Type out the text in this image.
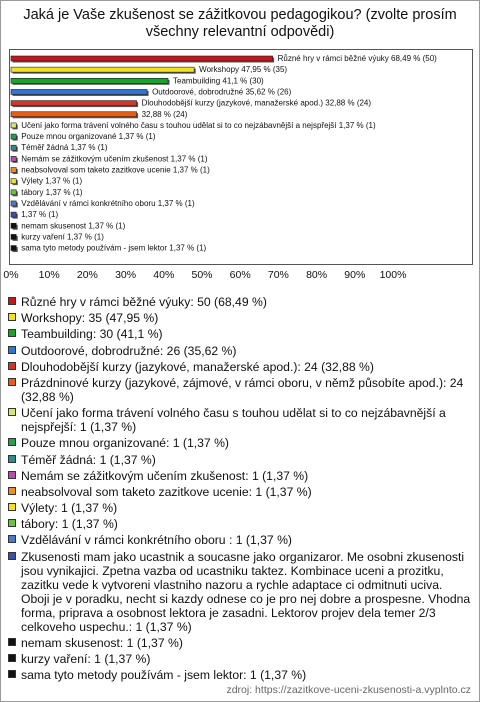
Jaká je Vaše zkušenost se zážitkovou pedagogikou? (zvolte prosím všechny relevantní odpovědi)
Různé hry v rámci běžné výuky 68,49 % (50)
Workshopy 47,95 % (35)
Teambuilding 41,1 % (30)
Outdoorové, dobrodružné 35,62 % (26)
Dlouhodobější kurzy (jazykové, manažerské apod.) 32,88 % (24)
32,88 % (24)
Učení jako forma trávení volného času s touhou udělat si to co nejzábavnější a nejspřejší 1,37 % (1)
Pouze mnou organizované 1,37 % (1)
Téměř žádná 1,37 % (1)
Nemám se zážitkovým učením zkušenost 1,37 % (1)
neabsolvoval som taketo zazitkove ucenie 1,37 % (1)
Výlety 1,37 % (1)
tábory 1,37 % (1)
Vzdělávání v rámci konkrétního oboru 1,37 % (1)
1,37 % (1)
nemam skusenost 1,37 % (1)
kurzy vaření 1,37 % (1)
sama tyto metody používám - jsem lektor 1,37 % (1)
0% 10% 20% 30% 40% 50% 60% 70% 80% 90% 100%
Různé hry v rámci běžné výuky: 50 (68,49 %)
Workshopy: 35 (47,95 %)
Teambuilding: 30 (41,1 %)
Outdoorové, dobrodružné: 26 (35,62 %)
Dlouhodobější kurzy (jazykové, manažerské apod.): 24 (32,88 %)
Prázdninové kurzy (jazykové, zájmové, v rámci oboru, v němž působíte apod.): 24 (32,88 %)
Učení jako forma trávení volného času s touhou udělat si to co nejzábavnější a nejspřejší: 1 (1,37 %)
Pouze mnou organizované: 1 (1,37 %)
Téměř žádná: 1 (1,37 %)
Nemám se zážitkovým učením zkušenost: 1 (1,37 %)
neabsolvoval som taketo zazitkove ucenie: 1 (1,37 %)
Výlety: 1 (1,37 %)
tábory: 1 (1,37 %)
Vzdělávání v rámci konkrétního oboru : 1 (1,37 %)
Zkusenosti mam jako ucastnik a soucasne jako organizaror. Me osobni zkusenosti jsou vynikajici. Zpetna vazba od ucastniku taktez. Kombinace uceni a prozitku, zazitku vede k vytvoreni vlastniho nazoru a rychle adaptace ci odmitnuti uciva. Oboji je v poradku, necht si kazdy odnese co je pro nej dobre a prospesne. Vhodna forma, priprava a osobnost lektora je zasadni. Lektorov projev dela temer 2/3 celkoveho uspechu.: 1 (1,37 %)
nemam skusenost: 1 (1,37 %)
kurzy vaření: 1 (1,37 %)
sama tyto metody používám - jsem lektor: 1 (1,37 %)
zdroj: https://zazitkove-uceni-zkusenosti-a.vyplnto.cz
